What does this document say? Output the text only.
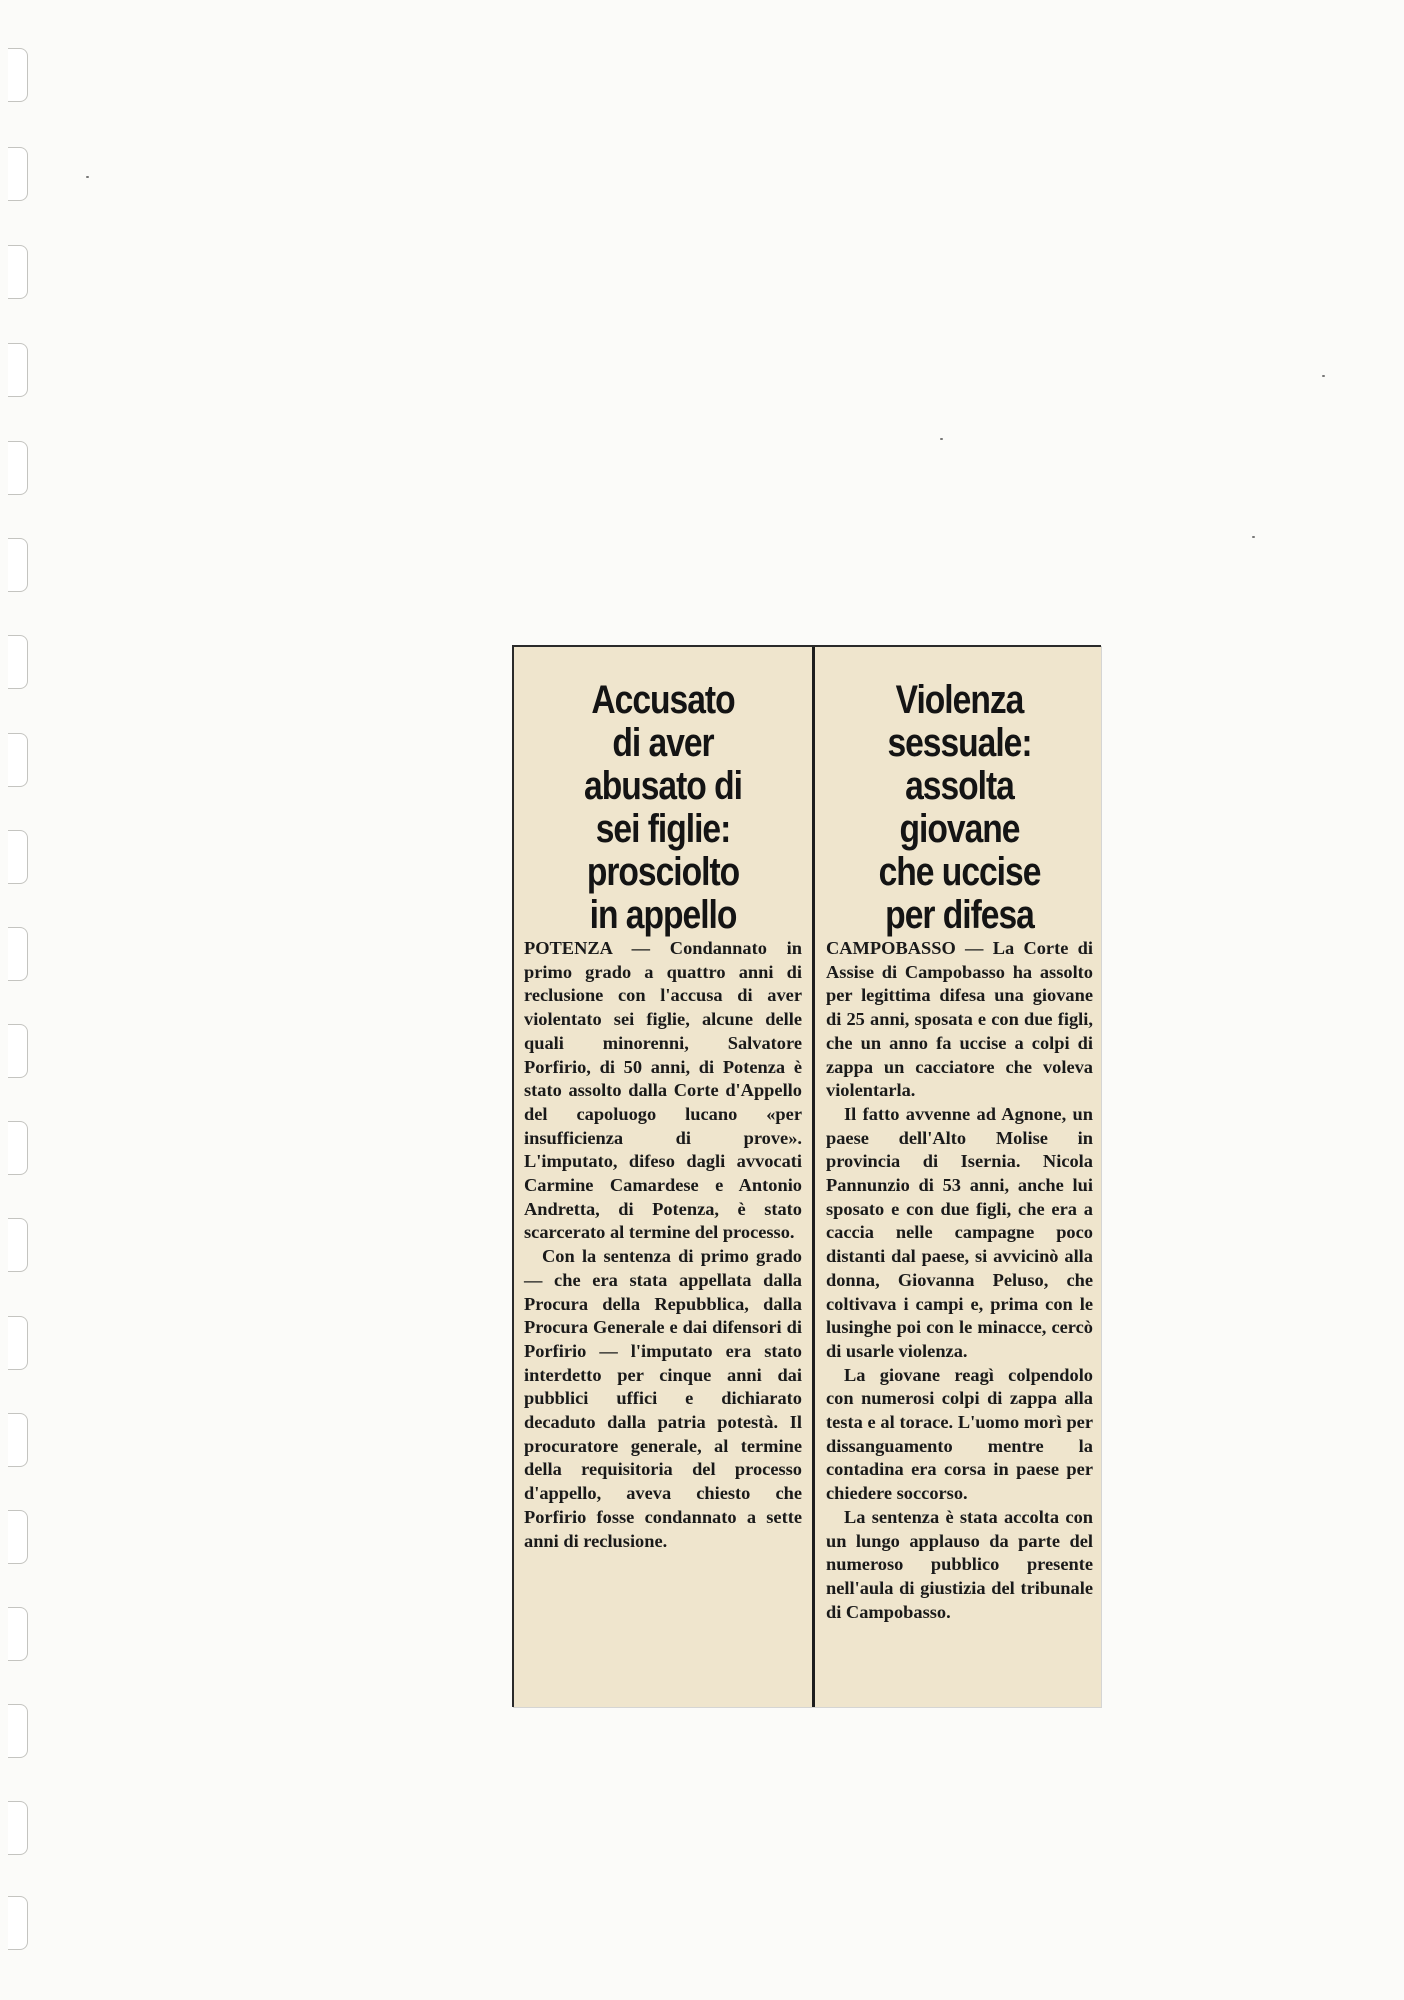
Accusato
di aver
abusato di
sei figlie:
prosciolto
in appello

POTENZA — Condannato in primo grado a quattro anni di reclusione con l'accusa di aver violentato sei figlie, alcune delle quali minorenni, Salvatore Porfirio, di 50 anni, di Potenza è stato assolto dalla Corte d'Appello del capoluogo lucano «per insufficienza di prove». L'imputato, difeso dagli avvocati Carmine Camardese e Antonio Andretta, di Potenza, è stato scarcerato al termine del processo.

Con la sentenza di primo grado — che era stata appellata dalla Procura della Repubblica, dalla Procura Generale e dai difensori di Porfirio — l'imputato era stato interdetto per cinque anni dai pubblici uffici e dichiarato decaduto dalla patria potestà. Il procuratore generale, al termine della requisitoria del processo d'appello, aveva chiesto che Porfirio fosse condannato a sette anni di reclusione.

Violenza
sessuale:
assolta
giovane
che uccise
per difesa

CAMPOBASSO — La Corte di Assise di Campobasso ha assolto per legittima difesa una giovane di 25 anni, sposata e con due figli, che un anno fa uccise a colpi di zappa un cacciatore che voleva violentarla.

Il fatto avvenne ad Agnone, un paese dell'Alto Molise in provincia di Isernia. Nicola Pannunzio di 53 anni, anche lui sposato e con due figli, che era a caccia nelle campagne poco distanti dal paese, si avvicinò alla donna, Giovanna Peluso, che coltivava i campi e, prima con le lusinghe poi con le minacce, cercò di usarle violenza.

La giovane reagì colpendolo con numerosi colpi di zappa alla testa e al torace. L'uomo morì per dissanguamento mentre la contadina era corsa in paese per chiedere soccorso.

La sentenza è stata accolta con un lungo applauso da parte del numeroso pubblico presente nell'aula di giustizia del tribunale di Campobasso.
